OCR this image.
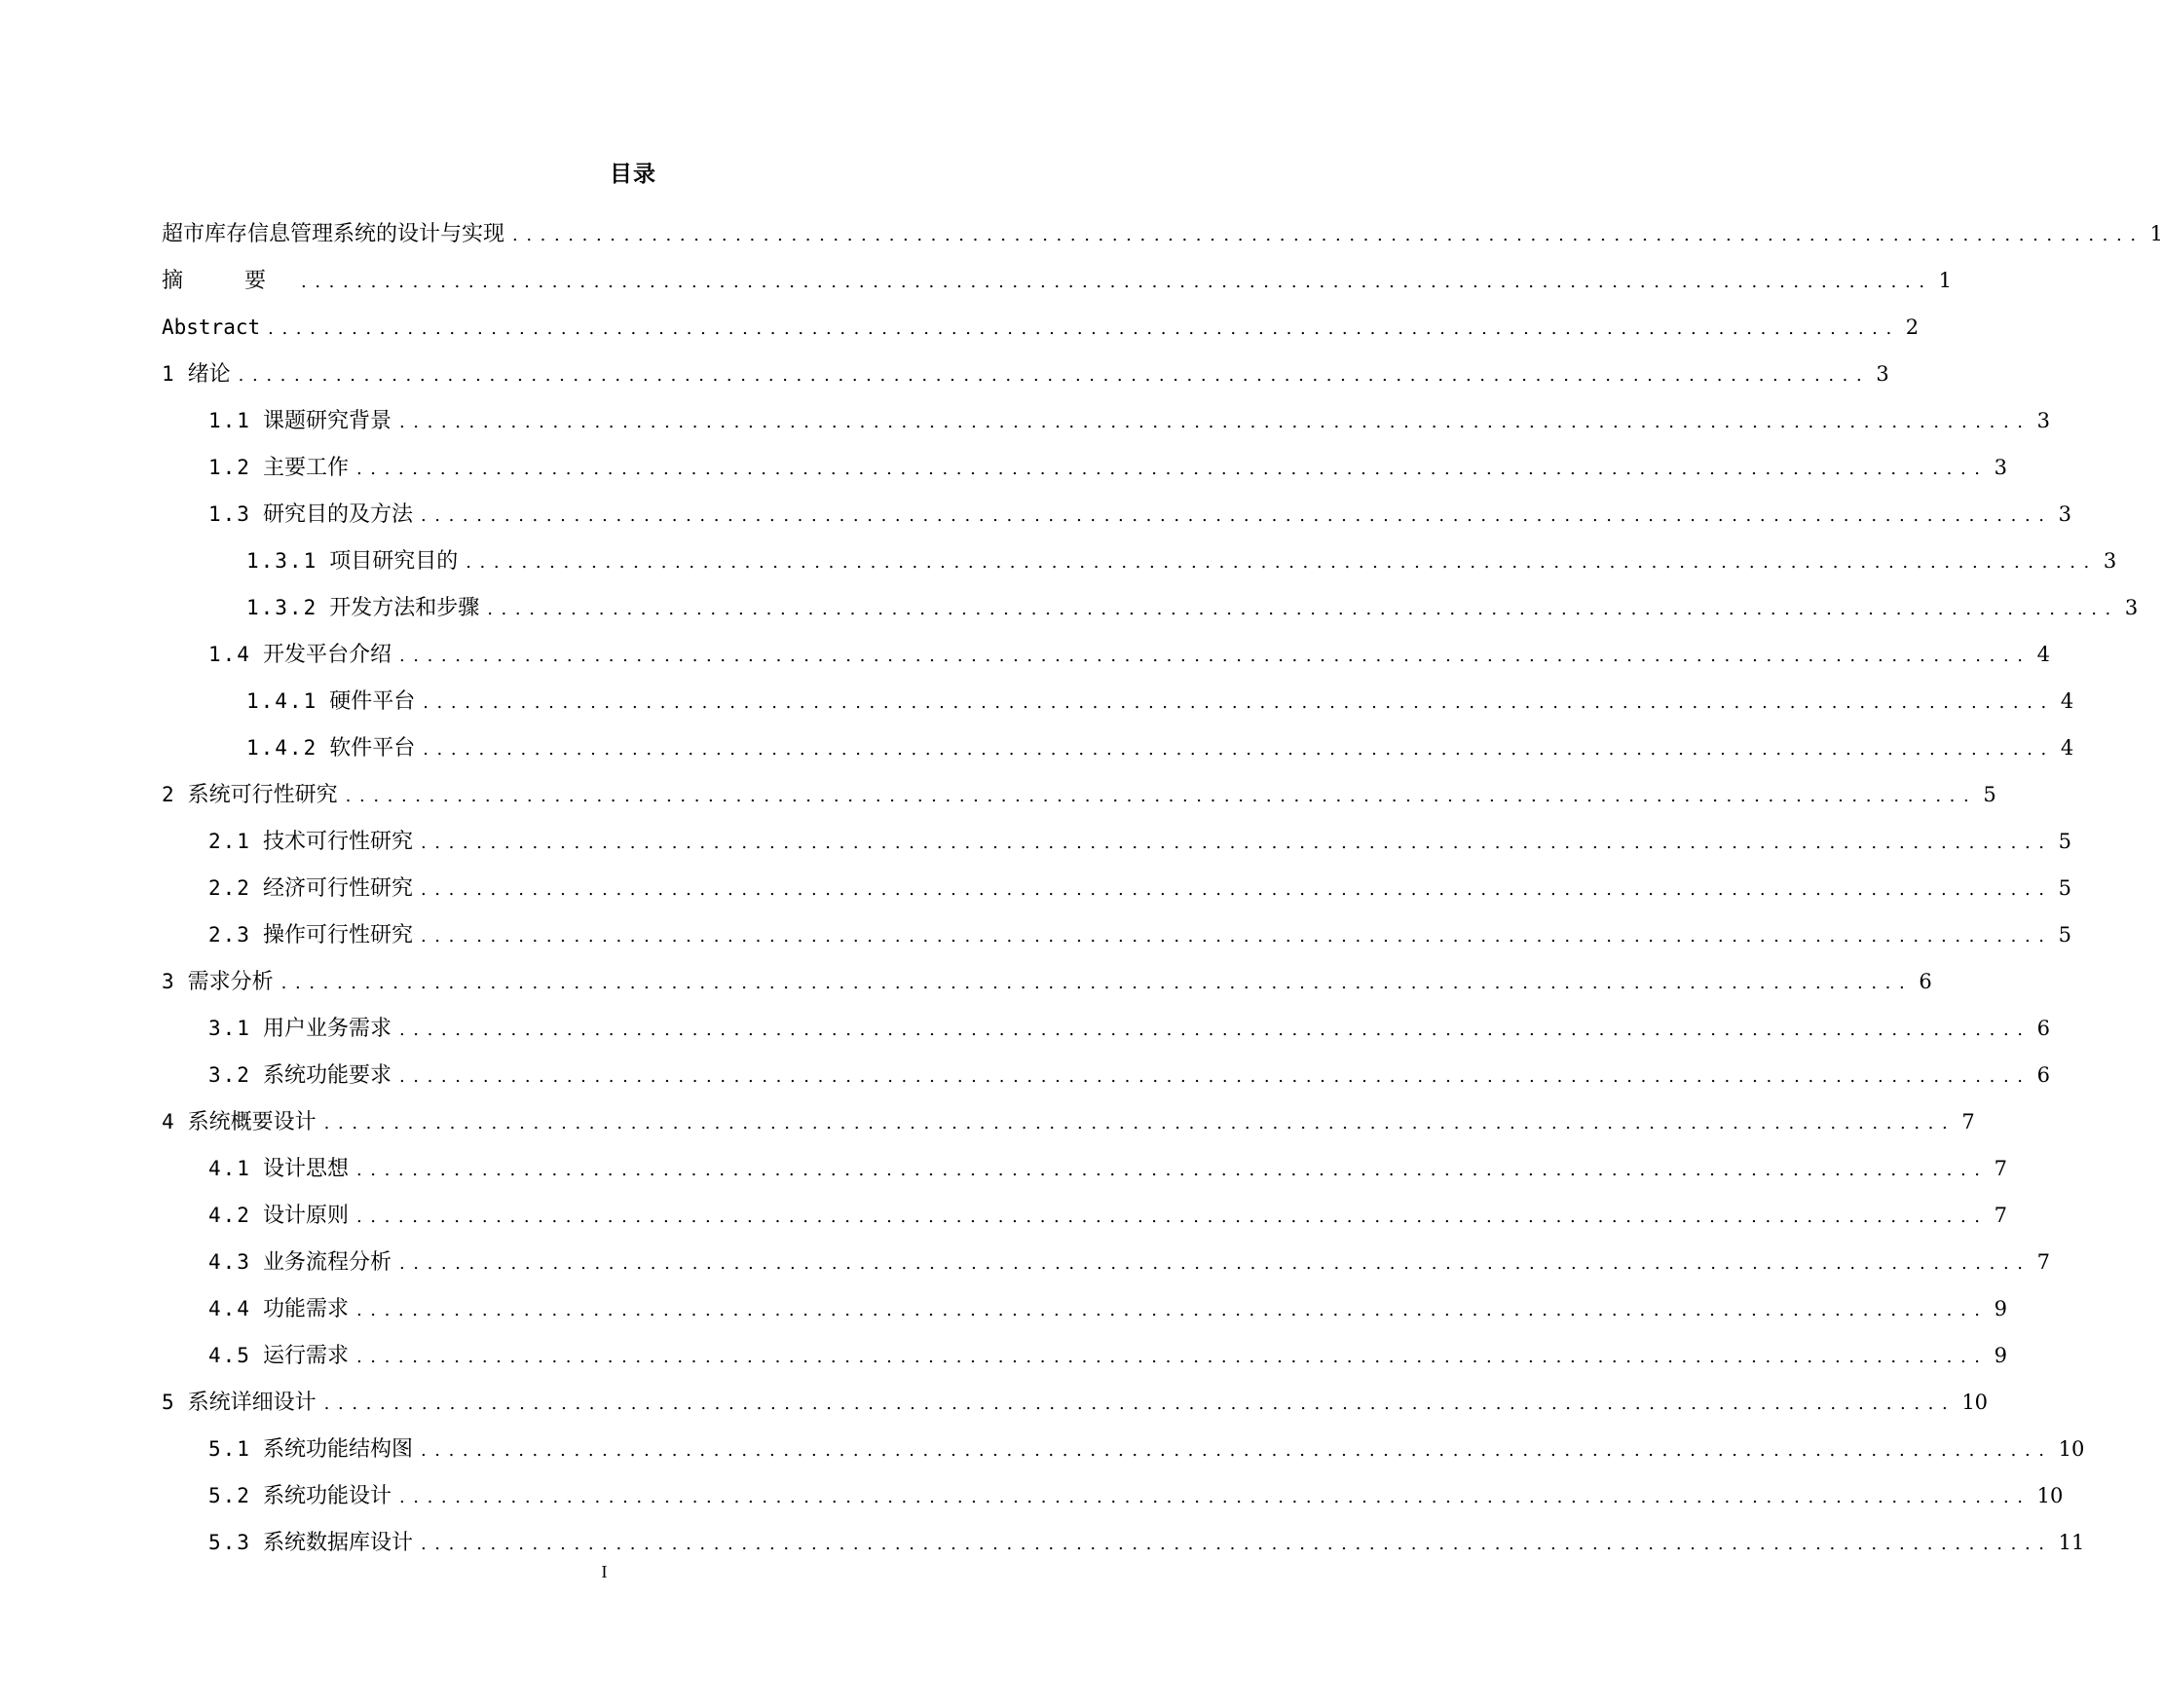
目录
超市库存信息管理系统的设计与实现 ..................................................................................................................... 1
摘 要 ..................................................................................................................... 1
Abstract ..................................................................................................................... 2
1 绪论 ..................................................................................................................... 3
1.1 课题研究背景 ..................................................................................................................... 3
1.2 主要工作 ..................................................................................................................... 3
1.3 研究目的及方法 ..................................................................................................................... 3
1.3.1 项目研究目的 ..................................................................................................................... 3
1.3.2 开发方法和步骤 ..................................................................................................................... 3
1.4 开发平台介绍 ..................................................................................................................... 4
1.4.1 硬件平台 ..................................................................................................................... 4
1.4.2 软件平台 ..................................................................................................................... 4
2 系统可行性研究 ..................................................................................................................... 5
2.1 技术可行性研究 ..................................................................................................................... 5
2.2 经济可行性研究 ..................................................................................................................... 5
2.3 操作可行性研究 ..................................................................................................................... 5
3 需求分析 ..................................................................................................................... 6
3.1 用户业务需求 ..................................................................................................................... 6
3.2 系统功能要求 ..................................................................................................................... 6
4 系统概要设计 ..................................................................................................................... 7
4.1 设计思想 ..................................................................................................................... 7
4.2 设计原则 ..................................................................................................................... 7
4.3 业务流程分析 ..................................................................................................................... 7
4.4 功能需求 ..................................................................................................................... 9
4.5 运行需求 ..................................................................................................................... 9
5 系统详细设计 ..................................................................................................................... 10
5.1 系统功能结构图 ..................................................................................................................... 10
5.2 系统功能设计 ..................................................................................................................... 10
5.3 系统数据库设计 ..................................................................................................................... 11
I
